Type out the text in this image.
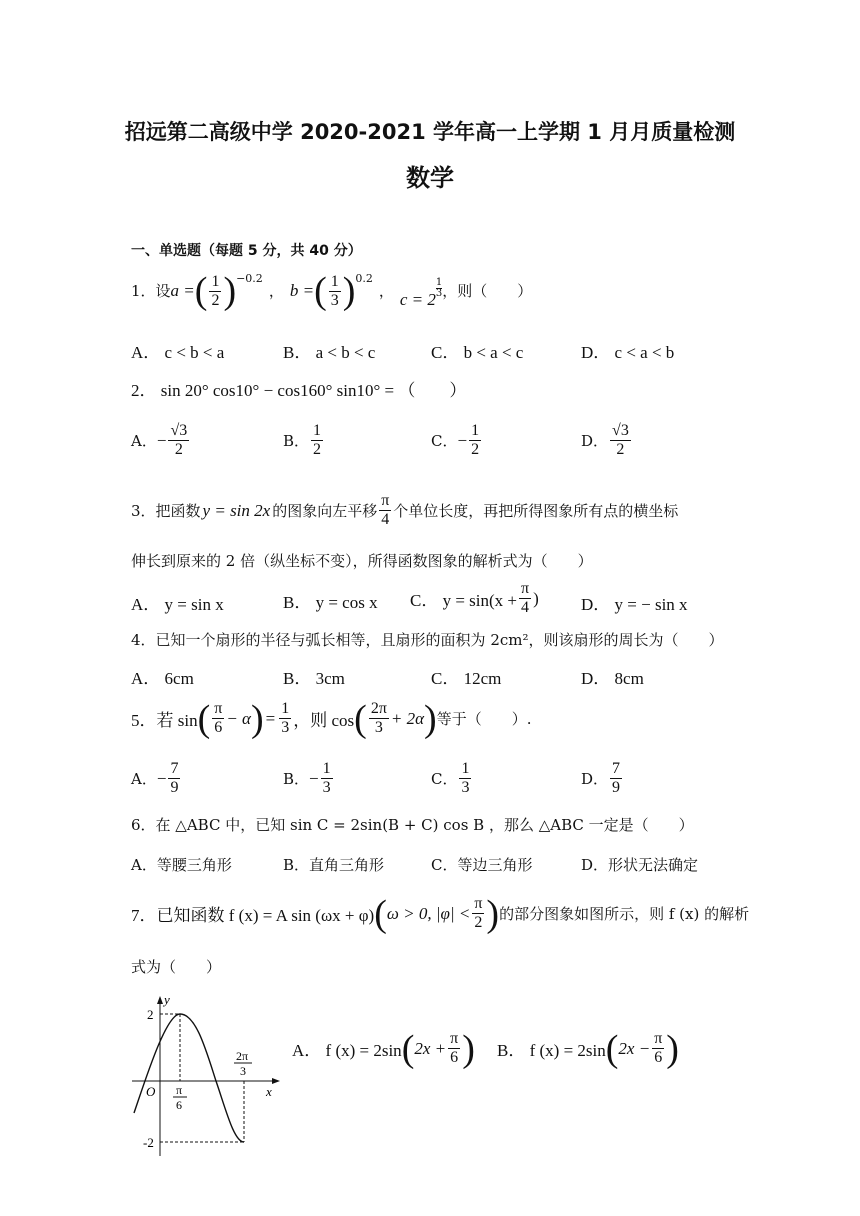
招远第二高级中学 2020-2021 学年高一上学期 1 月月质量检测
数学
一、单选题（每题 5 分，共 40 分）
1．设 a = ( $\frac{1}{2} )^{-0.2}$
， b = ( $\frac{1}{3} )^{0.2}$
， c = 2
1
3 ，则（　　）
A． c < b < a	B． a < b < c	C． b < a < c	D． c < a < b
2． sin 20° cos10° − cos160° sin10° = （　　）
A． − $\frac{√3}{2}$	B． $\frac{1}{2}$	C． − $\frac{1}{2}$	D． $\frac{√3}{2}$
3．把函数 y = sin 2x 的图象向左平移 $\frac{\pi}{4}$ 个单位长度，再把所得图象所有点的横坐标
伸长到原来的 2 倍（纵坐标不变），所得函数图象的解析式为（　　）
A． y = sin x	B． y = cos x C． $y = \sin(x + \frac{\pi}{4}$ ) D． y = − sin x
4．已知一个扇形的半径与弧长相等，且扇形的面积为 2cm²，则该扇形的周长为（　　）
A． 6cm	B． 3cm	C． 12cm	D． 8cm
5．若 sin ( $\frac{\pi}{6} - \alpha$ ) = $\frac{1}{3}$ ，则 cos ( $\frac{2\pi}{3} + 2\alpha$ ) 等于（　　）.
A． − $\frac{7}{9}$	B． − $\frac{1}{3}$	C． $\frac{1}{3}$	D． $\frac{7}{9}$
6．在 △ABC 中，已知 sin C = 2sin(B + C) cos B ，那么 △ABC 一定是（　　）
A．等腰三角形	B．直角三角形	C．等边三角形	D．形状无法确定
7．已知函数 f (x) = A sin (ωx + φ) ( ω > 0, $|\varphi| < \frac{\pi}{2}$ ) 的部分图象如图所示，则 f (x) 的解析
式为（　　）
y
x
O
2
-2
π
6
2π
3
A． f (x) = 2sin ( $2x + \frac{\pi}{6}$ ) B． f (x) = 2sin ( $2x - \frac{\pi}{6}$ )
